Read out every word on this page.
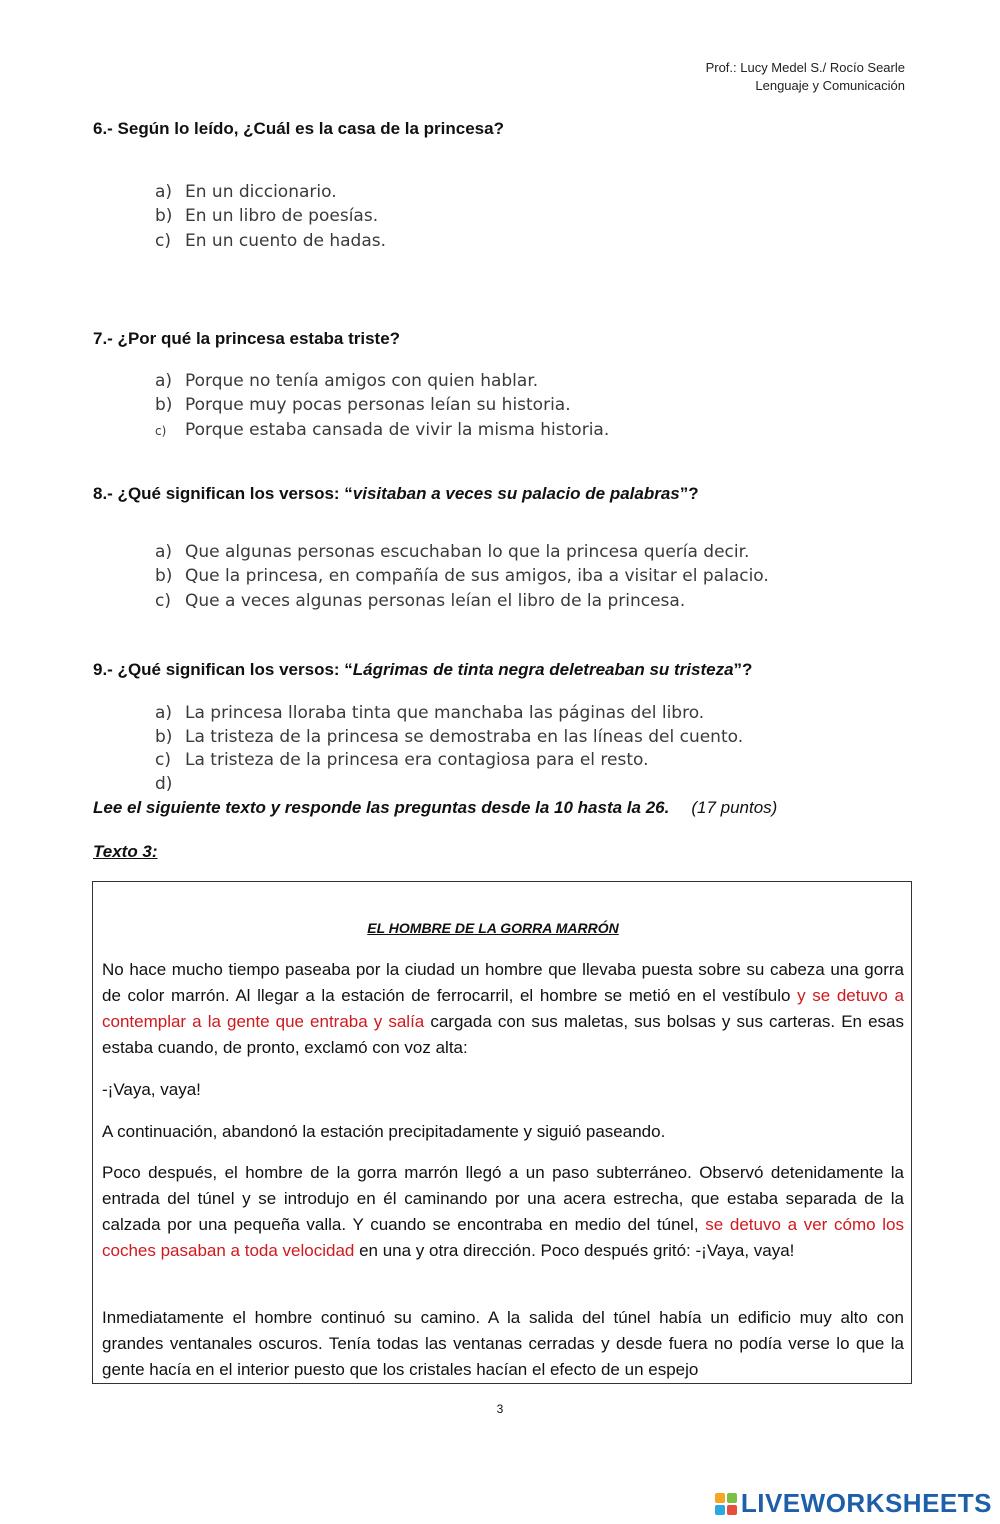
Prof.: Lucy Medel S./ Rocío Searle
Lenguaje y Comunicación
6.- Según lo leído, ¿Cuál es la casa de la princesa?
a) En un diccionario.
b) En un libro de poesías.
c) En un cuento de hadas.
7.- ¿Por qué la princesa estaba triste?
a) Porque no tenía amigos con quien hablar.
b) Porque muy pocas personas leían su historia.
c) Porque estaba cansada de vivir la misma historia.
8.- ¿Qué significan los versos: “visitaban a veces su palacio de palabras”?
a) Que algunas personas escuchaban lo que la princesa quería decir.
b) Que la princesa, en compañía de sus amigos, iba a visitar el palacio.
c) Que a veces algunas personas leían el libro de la princesa.
9.- ¿Qué significan los versos: “Lágrimas de tinta negra deletreaban su tristeza”?
a) La princesa lloraba tinta que manchaba las páginas del libro.
b) La tristeza de la princesa se demostraba en las líneas del cuento.
c) La tristeza de la princesa era contagiosa para el resto.
d)
Lee el siguiente texto y responde las preguntas desde la 10 hasta la 26. (17 puntos)
Texto 3:
EL HOMBRE DE LA GORRA MARRÓN

No hace mucho tiempo paseaba por la ciudad un hombre que llevaba puesta sobre su cabeza una gorra de color marrón. Al llegar a la estación de ferrocarril, el hombre se metió en el vestíbulo y se detuvo a contemplar a la gente que entraba y salía cargada con sus maletas, sus bolsas y sus carteras. En esas estaba cuando, de pronto, exclamó con voz alta:

-¡Vaya, vaya!

A continuación, abandonó la estación precipitadamente y siguió paseando.

Poco después, el hombre de la gorra marrón llegó a un paso subterráneo. Observó detenidamente la entrada del túnel y se introdujo en él caminando por una acera estrecha, que estaba separada de la calzada por una pequeña valla. Y cuando se encontraba en medio del túnel, se detuvo a ver cómo los coches pasaban a toda velocidad en una y otra dirección. Poco después gritó: -¡Vaya, vaya!

Inmediatamente el hombre continuó su camino. A la salida del túnel había un edificio muy alto con grandes ventanales oscuros. Tenía todas las ventanas cerradas y desde fuera no podía verse lo que la gente hacía en el interior puesto que los cristales hacían el efecto de un espejo

3
LIVEWORKSHEETS
